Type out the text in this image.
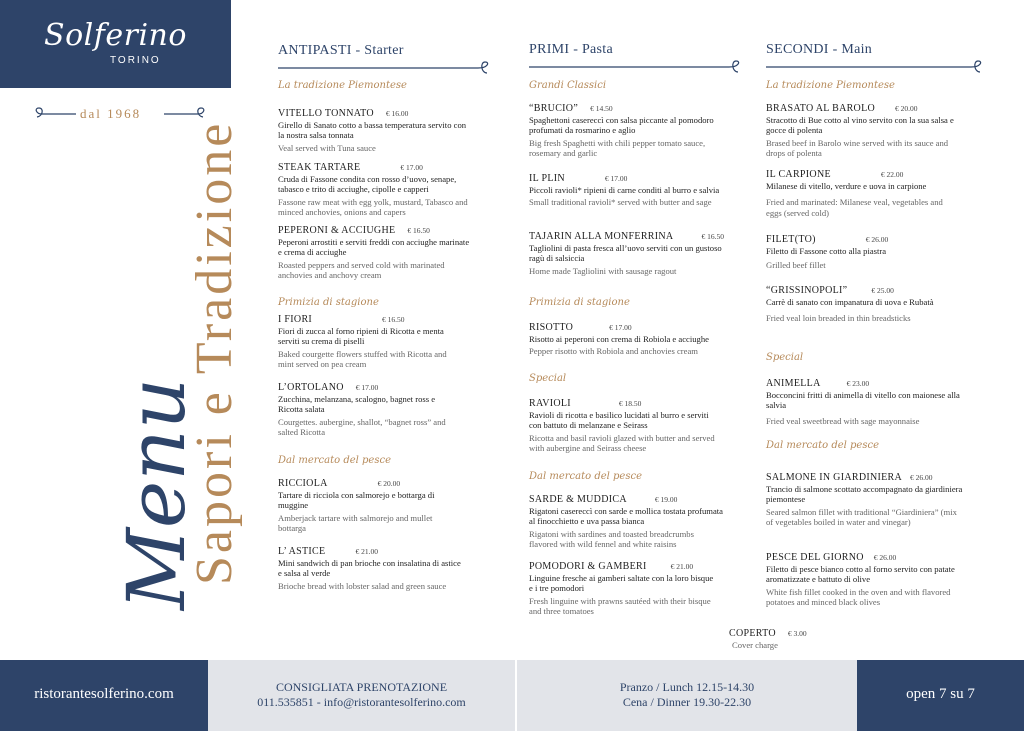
Solferino
TORINO
dal 1968
Menu
Sapori e Tradizione
ANTIPASTI - Starter
La tradizione Piemontese
VITELLO TONNATO € 16.00
Girello di Sanato cotto a bassa temperatura servito con la nostra salsa tonnata
Veal served with Tuna sauce
STEAK TARTARE	€ 17.00
Cruda di Fassone condita con rosso d’uovo, senape, tabasco e trito di acciughe, cipolle e capperi
Fassone raw meat with egg yolk, mustard, Tabasco and minced anchovies, onions and capers
PEPERONI & ACCIUGHE € 16.50
Peperoni arrostiti e serviti freddi con acciughe marinate e crema di acciughe
Roasted peppers and served cold with marinated anchovies and anchovy cream
Primizia di stagione
I FIORI	€ 16.50
Fiori di zucca al forno ripieni di Ricotta e menta serviti su crema di piselli
Baked courgette flowers stuffed with Ricotta and mint served on pea cream
L’ORTOLANO € 17.00
Zucchina, melanzana, scalogno, bagnet ross e Ricotta salata
Courgettes. aubergine, shallot, “bagnet ross” and salted Ricotta
Dal mercato del pesce
RICCIOLA	€ 20.00
Tartare di ricciola con salmorejo e bottarga di muggine
Amberjack tartare with salmorejo and mullet bottarga
L’ ASTICE	€ 21.00
Mini sandwich di pan brioche con insalatina di astice e salsa al verde
Brioche bread with lobster salad and green sauce
PRIMI - Pasta
Grandi Classici
“BRUCIO” € 14.50
Spaghettoni casereccì con salsa piccante al pomodoro profumati da rosmarino e aglio
Big fresh Spaghetti with chili pepper tomato sauce, rosemary and garlic
IL PLIN	€ 17.00
Piccoli ravioli* ripieni di carne conditi al burro e salvia
Small traditional ravioli* served with butter and sage
TAJARIN ALLA MONFERRINA	€ 16.50
Tagliolini di pasta fresca all’uovo serviti con un gustoso ragù di salsiccia
Home made Tagliolini with sausage ragout
Primizia di stagione
RISOTTO	€ 17.00
Risotto ai peperoni con crema di Robiola e acciughe
Pepper risotto with Robiola and anchovies cream
Special
RAVIOLI	€ 18.50
Ravioli di ricotta e basilico lucidati al burro e serviti con battuto di melanzane e Seirass
Ricotta and basil ravioli glazed with butter and served with aubergine and Seirass cheese
Dal mercato del pesce
SARDE & MUDDICA	€ 19.00
Rigatoni casereccì con sarde e mollica tostata profumata al finocchietto e uva passa bianca
Rigatoni with sardines and toasted breadcrumbs flavored with wild fennel and white raisins
POMODORI & GAMBERI	€ 21.00
Linguine fresche ai gamberi saltate con la loro bisque e i tre pomodori
Fresh linguine with prawns sautéed with their bisque and three tomatoes
SECONDI - Main
La tradizione Piemontese
BRASATO AL BAROLO	€ 20.00
Stracotto di Bue cotto al vino servito con la sua salsa e gocce di polenta
Brased beef in Barolo wine served with its sauce and drops of polenta
IL CARPIONE	€ 22.00
Milanese di vitello, verdure e uova in carpione
Fried and marinated: Milanese veal, vegetables and eggs (served cold)
FILET(TO)	€ 26.00
Filetto di Fassone cotto alla piastra
Grilled beef fillet
“GRISSINOPOLI”	€ 25.00
Carrè di sanato con impanatura di uova e Rubatà
Fried veal loin breaded in thin breadsticks
Special
ANIMELLA	€ 23.00
Bocconcini fritti di animella di vitello con maionese alla salvia
Fried veal sweetbread with sage mayonnaise
Dal mercato del pesce
SALMONE IN GIARDINIERA € 26.00
Trancio di salmone scottato accompagnato da giardiniera piemontese
Seared salmon fillet with traditional “Giardiniera” (mix of vegetables boiled in water and vinegar)
PESCE DEL GIORNO € 26.00
Filetto di pesce bianco cotto al forno servito con patate aromatizzate e battuto di olive
White fish fillet cooked in the oven and with flavored potatoes and minced black olives
COPERTO € 3.00
Cover charge
ristorantesolferino.com	CONSIGLIATA PRENOTAZIONE
011.535851 - info@ristorantesolferino.com
Pranzo / Lunch 12.15-14.30
Cena / Dinner 19.30-22.30	open 7 su 7
